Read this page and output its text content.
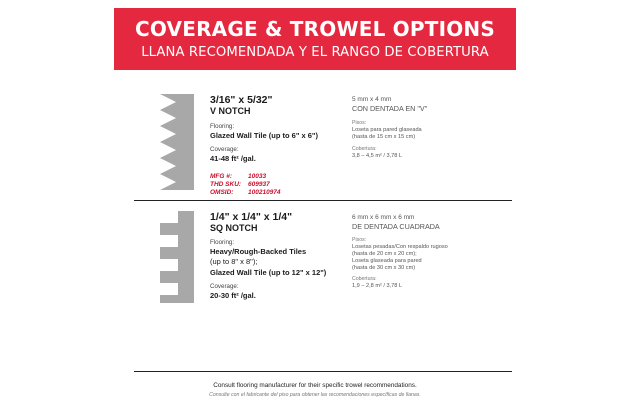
COVERAGE & TROWEL OPTIONS
LLANA RECOMENDADA Y EL RANGO DE COBERTURA
3/16" x 5/32"
V NOTCH
Flooring:
Glazed Wall Tile (up to 6" x 6")
Coverage:
41-48 ft² /gal.
MFG #: 10033
THD SKU: 609937
OMSID: 100210974
5 mm x 4 mm
CON DENTADA EN "V"
Pisos:
Loseta para pared glaseada
(hasta de 15 cm x 15 cm)
Cobertura:
3,8 – 4,5 m² / 3,78 L
1/4" x 1/4" x 1/4"
SQ NOTCH
Flooring:
Heavy/Rough-Backed Tiles
(up to 8" x 8");
Glazed Wall Tile (up to 12" x 12")
Coverage:
20-30 ft² /gal.
6 mm x 6 mm x 6 mm
DE DENTADA CUADRADA
Pisos:
Losetas pesadas/Con respaldo rugoso
(hasta de 20 cm x 20 cm);
Loseta glaseada para pared
(hasta de 30 cm x 30 cm)
Cobertura:
1,9 – 2,8 m² / 3,78 L
Consult flooring manufacturer for their specific trowel recommendations.
Consulte con el fabricante del piso para obtener las recomendaciones específicas de llanas.
